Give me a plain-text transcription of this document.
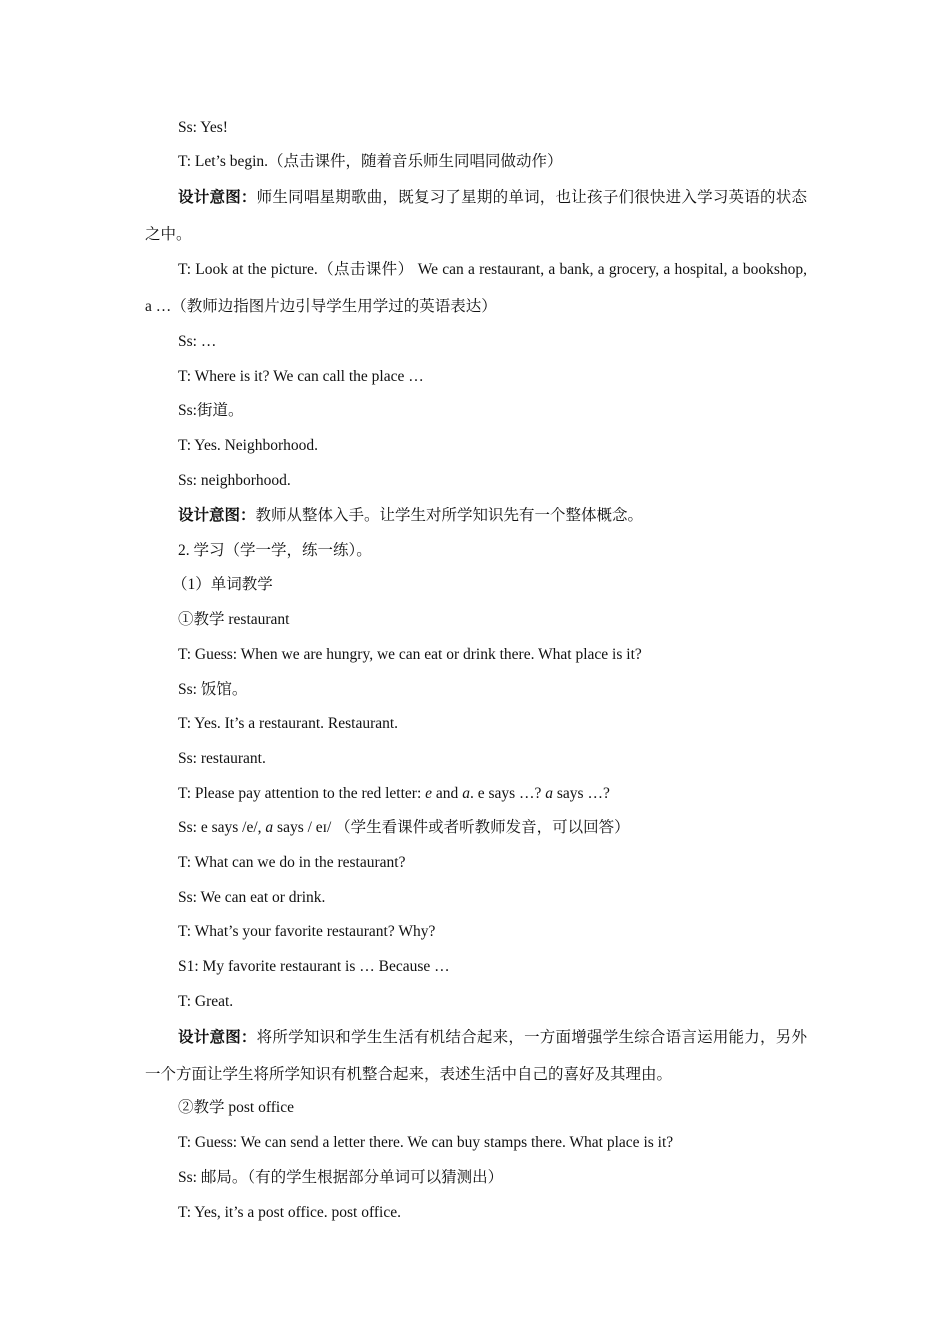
Ss: Yes!

T: Let’s begin.（点击课件，随着音乐师生同唱同做动作）

设计意图：师生同唱星期歌曲，既复习了星期的单词，也让孩子们很快进入学习英语的状态之中。

T: Look at the picture.（点击课件） We can a restaurant, a bank, a grocery, a hospital, a bookshop, a …（教师边指图片边引导学生用学过的英语表达）

Ss: …

T: Where is it? We can call the place …

Ss:街道。

T: Yes. Neighborhood.

Ss: neighborhood.

设计意图：教师从整体入手。让学生对所学知识先有一个整体概念。

2. 学习（学一学，练一练）。

（1）单词教学

①教学 restaurant

T: Guess: When we are hungry, we can eat or drink there. What place is it?

Ss: 饭馆。

T: Yes. It’s a restaurant. Restaurant.

Ss: restaurant.

T: Please pay attention to the red letter: e and a. e says …? a says …?

Ss: e says /e/, a says / eɪ/ （学生看课件或者听教师发音，可以回答）

T: What can we do in the restaurant?

Ss: We can eat or drink.

T: What’s your favorite restaurant? Why?

S1: My favorite restaurant is … Because …

T: Great.

设计意图：将所学知识和学生生活有机结合起来，一方面增强学生综合语言运用能力，另外一个方面让学生将所学知识有机整合起来，表述生活中自己的喜好及其理由。

②教学 post office

T: Guess: We can send a letter there. We can buy stamps there. What place is it?

Ss: 邮局。（有的学生根据部分单词可以猜测出）

T: Yes, it’s a post office. post office.
